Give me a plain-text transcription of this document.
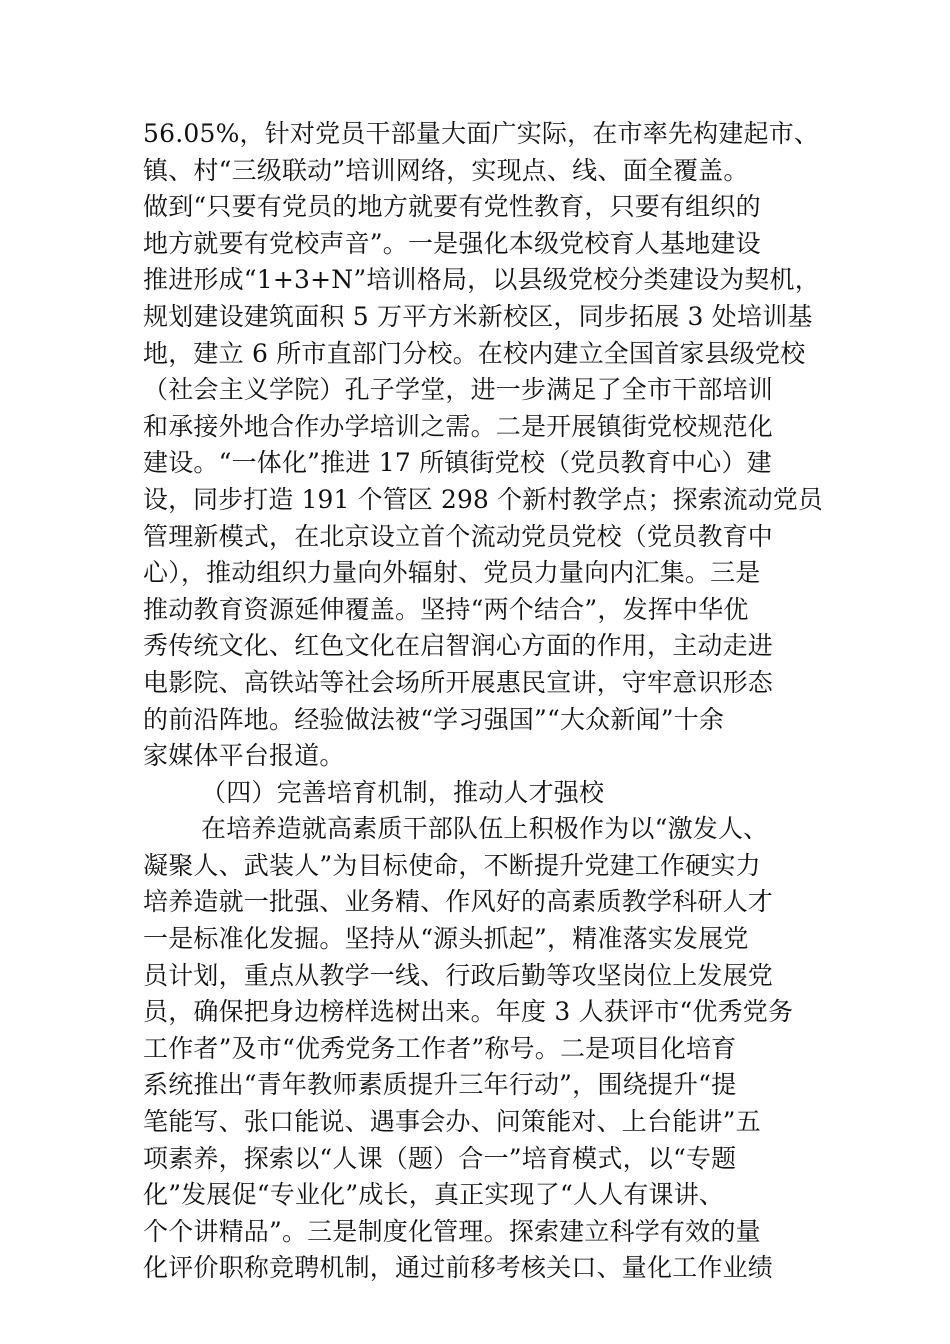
56.05%，针对党员干部量大面广实际，在市率先构建起市、
镇、村“三级联动”培训网络，实现点、线、面全覆盖。
做到“只要有党员的地方就要有党性教育，只要有组织的
地方就要有党校声音”。一是强化本级党校育人基地建设
推进形成“1+3+N”培训格局，以县级党校分类建设为契机，
规划建设建筑面积 5 万平方米新校区，同步拓展 3 处培训基
地，建立 6 所市直部门分校。在校内建立全国首家县级党校
（社会主义学院）孔子学堂，进一步满足了全市干部培训
和承接外地合作办学培训之需。二是开展镇街党校规范化
建设。“一体化”推进 17 所镇街党校（党员教育中心）建
设，同步打造 191 个管区 298 个新村教学点；探索流动党员
管理新模式，在北京设立首个流动党员党校（党员教育中
心），推动组织力量向外辐射、党员力量向内汇集。三是
推动教育资源延伸覆盖。坚持“两个结合”，发挥中华优
秀传统文化、红色文化在启智润心方面的作用，主动走进
电影院、高铁站等社会场所开展惠民宣讲，守牢意识形态
的前沿阵地。经验做法被“学习强国”“大众新闻”十余
家媒体平台报道。
（四）完善培育机制，推动人才强校
在培养造就高素质干部队伍上积极作为以“激发人、
凝聚人、武装人”为目标使命，不断提升党建工作硬实力
培养造就一批强、业务精、作风好的高素质教学科研人才
一是标准化发掘。坚持从“源头抓起”，精准落实发展党
员计划，重点从教学一线、行政后勤等攻坚岗位上发展党
员，确保把身边榜样选树出来。年度 3 人获评市“优秀党务
工作者”及市“优秀党务工作者”称号。二是项目化培育
系统推出“青年教师素质提升三年行动”，围绕提升“提
笔能写、张口能说、遇事会办、问策能对、上台能讲”五
项素养，探索以“人课（题）合一”培育模式，以“专题
化”发展促“专业化”成长，真正实现了“人人有课讲、
个个讲精品”。三是制度化管理。探索建立科学有效的量
化评价职称竞聘机制，通过前移考核关口、量化工作业绩
